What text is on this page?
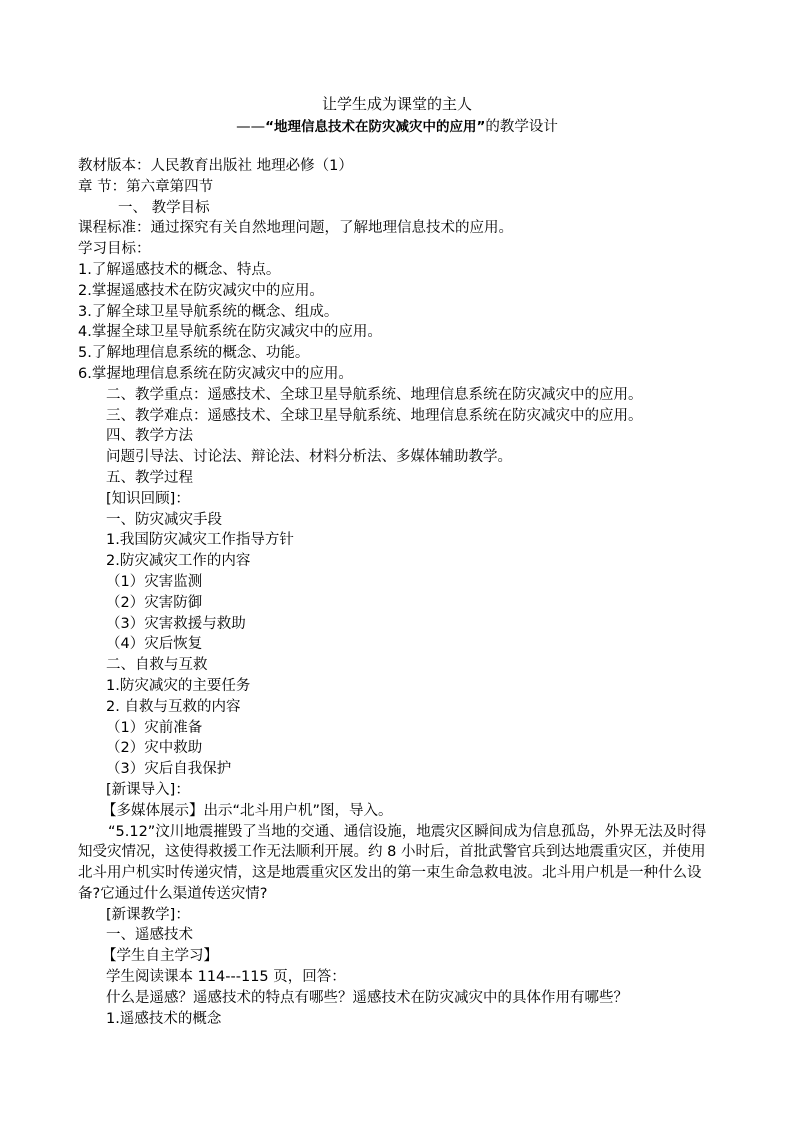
让学生成为课堂的主人
——“地理信息技术在防灾减灾中的应用”的教学设计
教材版本：人民教育出版社 地理必修（1）
章 节：第六章第四节
一、 教学目标
课程标准：通过探究有关自然地理问题，了解地理信息技术的应用。
学习目标：
1.了解遥感技术的概念、特点。
2.掌握遥感技术在防灾减灾中的应用。
3.了解全球卫星导航系统的概念、组成。
4.掌握全球卫星导航系统在防灾减灾中的应用。
5.了解地理信息系统的概念、功能。
6.掌握地理信息系统在防灾减灾中的应用。
二、教学重点：遥感技术、全球卫星导航系统、地理信息系统在防灾减灾中的应用。
三、教学难点：遥感技术、全球卫星导航系统、地理信息系统在防灾减灾中的应用。
四、教学方法
问题引导法、讨论法、辩论法、材料分析法、多媒体辅助教学。
五、教学过程
[知识回顾]：
一、防灾减灾手段
1.我国防灾减灾工作指导方针
2.防灾减灾工作的内容
（1）灾害监测
（2）灾害防御
（3）灾害救援与救助
（4）灾后恢复
二、自救与互救
1.防灾减灾的主要任务
2. 自救与互救的内容
（1）灾前准备
（2）灾中救助
（3）灾后自我保护
[新课导入]：
【多媒体展示】出示“北斗用户机”图，导入。

“5.12”汶川地震摧毁了当地的交通、通信设施，地震灾区瞬间成为信息孤岛，外界无法及时得知受灾情况，这使得救援工作无法顺利开展。约 8 小时后，首批武警官兵到达地震重灾区，并使用北斗用户机实时传递灾情，这是地震重灾区发出的第一束生命急救电波。北斗用户机是一种什么设备?它通过什么渠道传送灾情?

[新课教学]：
一、遥感技术
【学生自主学习】
学生阅读课本 114---115 页，回答：
什么是遥感？遥感技术的特点有哪些？遥感技术在防灾减灾中的具体作用有哪些？
1.遥感技术的概念
